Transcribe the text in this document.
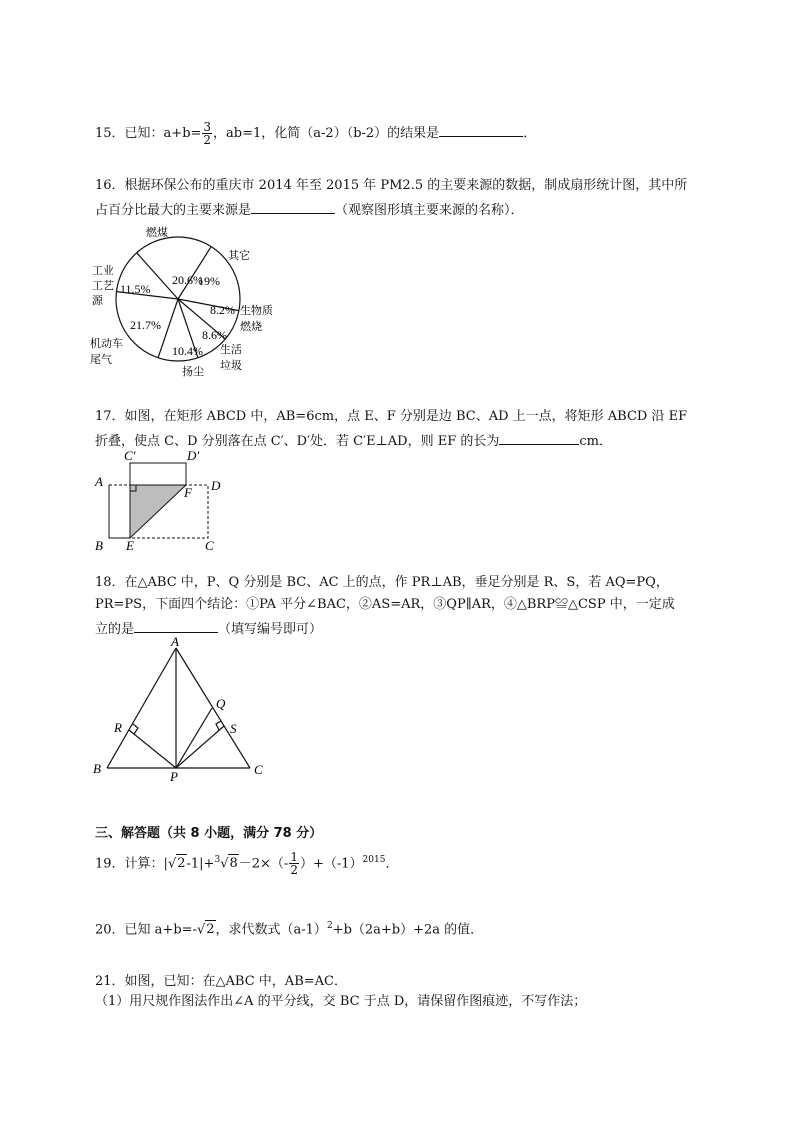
15．已知：$a+b= \frac{3}{2}$ ，ab=1，化简（a-2）（b-2）的结果是	．
16．根据环保公布的重庆市 2014 年至 2015 年 PM2.5 的主要来源的数据，制成扇形统计图，其中所
占百分比最大的主要来源是	（观察图形填主要来源的名称）．
20.6%
19%
8.2%
8.6%
10.4%
21.7%
11.5%
燃煤
其它
生物质
燃烧
生活
垃圾
扬尘
机动车
尾气
工业
工艺
源
17．如图，在矩形 ABCD 中，AB=6cm，点 E、F 分别是边 BC、AD 上一点，将矩形 ABCD 沿 EF
折叠，使点 C、D 分别落在点 C′、D′处．若 C′E⊥AD，则 EF 的长为	cm．
A
B	C
D
E
F
C′	D′
18．在△ABC 中，P、Q 分别是 BC、AC 上的点，作 PR⊥AB，垂足分别是 R、S，若 AQ=PQ，
PR=PS，下面四个结论：①PA 平分∠BAC，②AS=AR，③QP∥AR，④△BRP≌△CSP 中，一定成
立的是	（填写编号即可）
A
B	C
P
Q
R	S
三、解答题（共 8 小题，满分 78 分）
19．计算：$|√2-1|+^3√8-2\times(- \frac{1}{2} )+(-1)^{2015}$．
20．已知 a+b=-√2，求代数式$(a-1)^2+b(2a+b)+2a$ 的值．
21．如图，已知：在△ABC 中，AB=AC．
（1）用尺规作图法作出∠A 的平分线，交 BC 于点 D，请保留作图痕迹，不写作法；
